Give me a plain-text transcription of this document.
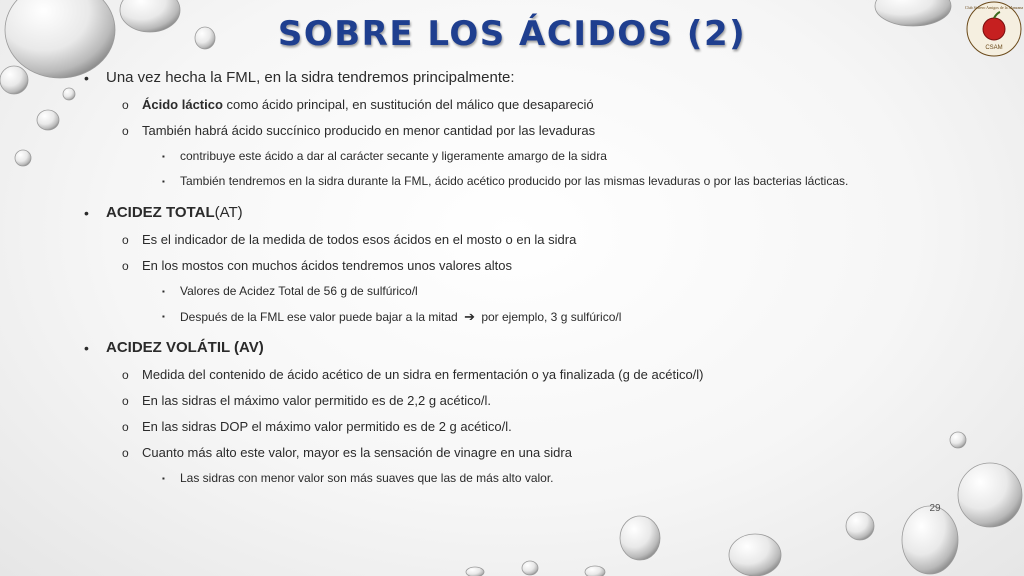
SOBRE LOS ÁCIDOS (2)	CSAM
Club Sidrero Amigos de la Manzana
• Una vez hecha la FML, en la sidra tendremos principalmente:
o Ácido láctico como ácido principal, en sustitución del málico que desapareció
o También habrá ácido succínico producido en menor cantidad por las levaduras
▪ contribuye este ácido a dar al carácter secante y ligeramente amargo de la sidra
▪ También tendremos en la sidra durante la FML, ácido acético producido por las mismas levaduras o por las bacterias lácticas.
• ACIDEZ TOTAL(AT)
o Es el indicador de la medida de todos esos ácidos en el mosto o en la sidra
o En los mostos con muchos ácidos tendremos unos valores altos
▪ Valores de Acidez Total de 56 g de sulfúrico/l
▪ Después de la FML ese valor puede bajar a la mitad ➔ por ejemplo, 3 g sulfúrico/l
• ACIDEZ VOLÁTIL (AV)
o Medida del contenido de ácido acético de un sidra en fermentación o ya finalizada (g de acético/l)
o En las sidras el máximo valor permitido es de 2,2 g acético/l.
o En las sidras DOP el máximo valor permitido es de 2 g acético/l.
o Cuanto más alto este valor, mayor es la sensación de vinagre en una sidra
▪ Las sidras con menor valor son más suaves que las de más alto valor.
29
